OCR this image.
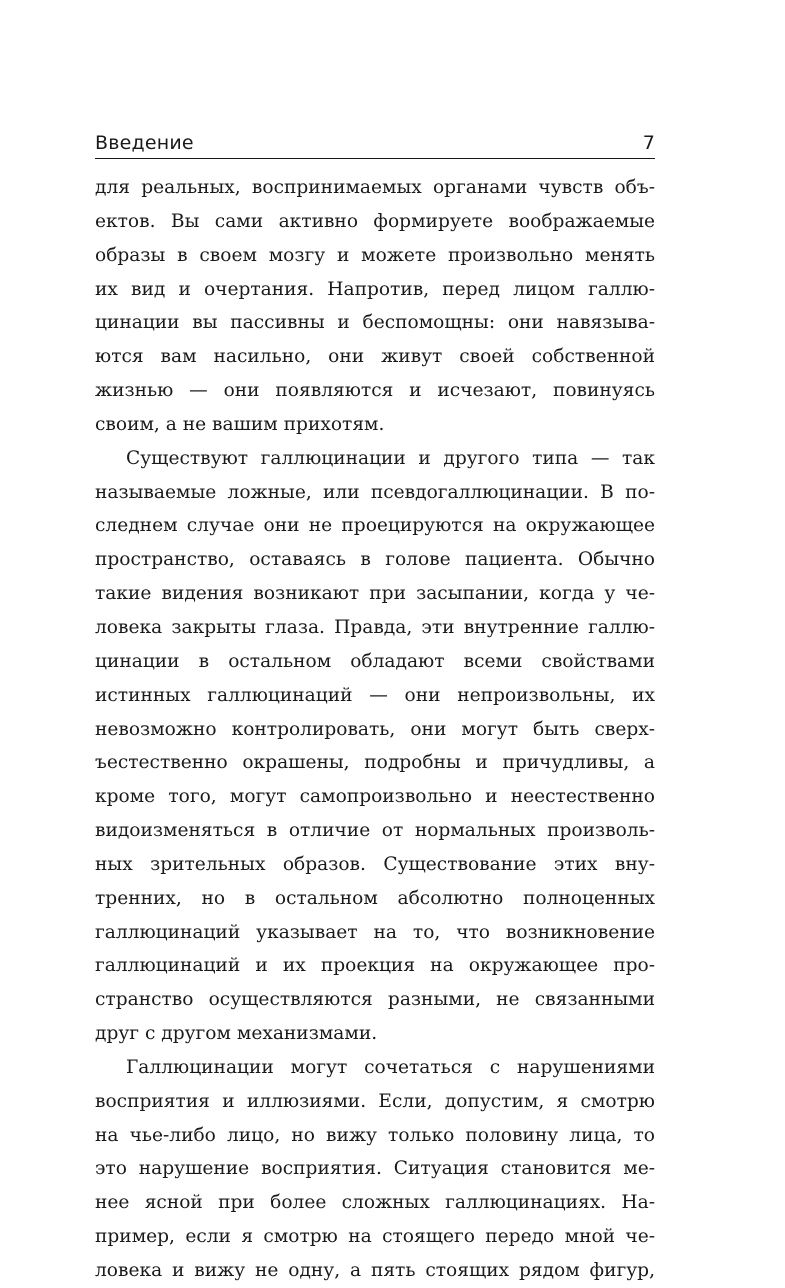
Введение	7
для реальных, воспринимаемых органами чувств объ-
ектов. Вы сами активно формируете воображаемые
образы в своем мозгу и можете произвольно менять
их вид и очертания. Напротив, перед лицом галлю-
цинации вы пассивны и беспомощны: они навязыва-
ются вам насильно, они живут своей собственной
жизнью — они появляются и исчезают, повинуясь
своим, а не вашим прихотям.
Существуют галлюцинации и другого типа — так
называемые ложные, или псевдогаллюцинации. В по-
следнем случае они не проецируются на окружающее
пространство, оставаясь в голове пациента. Обычно
такие видения возникают при засыпании, когда у че-
ловека закрыты глаза. Правда, эти внутренние галлю-
цинации в остальном обладают всеми свойствами
истинных галлюцинаций — они непроизвольны, их
невозможно контролировать, они могут быть сверх-
ъестественно окрашены, подробны и причудливы, а
кроме того, могут самопроизвольно и неестественно
видоизменяться в отличие от нормальных произволь-
ных зрительных образов. Существование этих вну-
тренних, но в остальном абсолютно полноценных
галлюцинаций указывает на то, что возникновение
галлюцинаций и их проекция на окружающее про-
странство осуществляются разными, не связанными
друг с другом механизмами.
Галлюцинации могут сочетаться с нарушениями
восприятия и иллюзиями. Если, допустим, я смотрю
на чье-либо лицо, но вижу только половину лица, то
это нарушение восприятия. Ситуация становится ме-
нее ясной при более сложных галлюцинациях. На-
пример, если я смотрю на стоящего передо мной че-
ловека и вижу не одну, а пять стоящих рядом фигур,
